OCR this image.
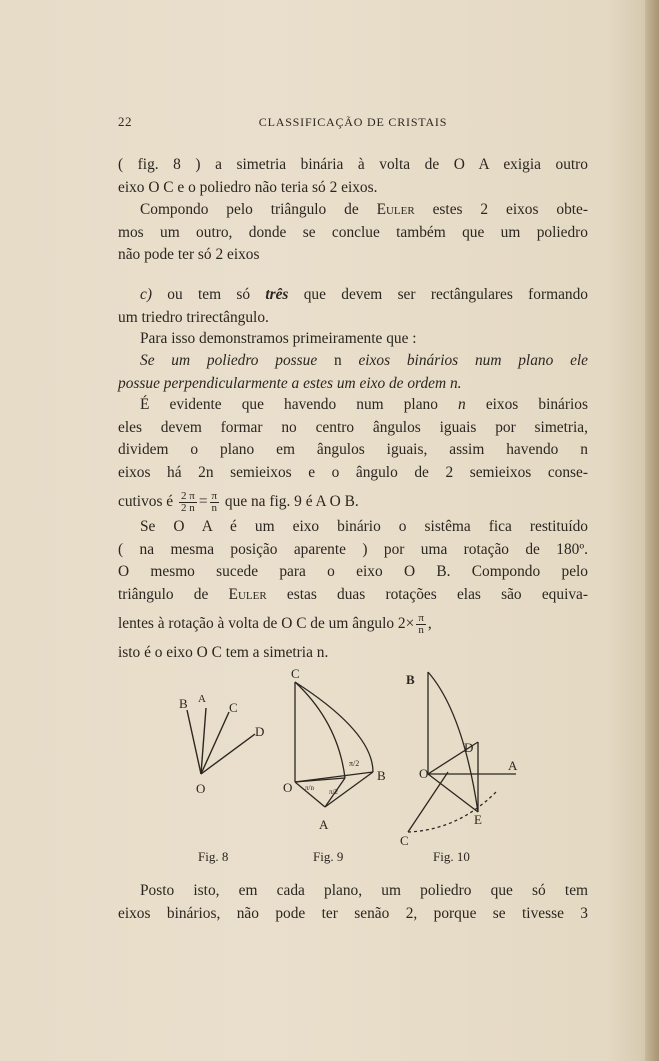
22	CLASSIFICAÇÃO DE CRISTAIS
( fig. 8 ) a simetria binária à volta de O A exigia outro
eixo O C e o poliedro não teria só 2 eixos.
Compondo pelo triângulo de Euler estes 2 eixos obte-
mos um outro, donde se conclue também que um poliedro
não pode ter só 2 eixos
c) ou tem só três que devem ser rectângulares formando
um triedro trirectângulo.
Para isso demonstramos primeiramente que :
Se um poliedro possue n eixos binários num plano ele
possue perpendicularmente a estes um eixo de ordem n.
É evidente que havendo num plano n eixos binários
eles devem formar no centro ângulos iguais por simetria,
dividem o plano em ângulos iguais, assim havendo n
eixos há 2n semieixos e o ângulo de 2 semieixos conse-
cutivos é $\frac{2 \pi}{2 n} = \frac{\pi}{n}$ que na fig. 9 é A O B.
Se O A é um eixo binário o sistêma fica restituído
( na mesma posição aparente ) por uma rotação de 180º.
O mesmo sucede para o eixo O B. Compondo pelo
triângulo de Euler estas duas rotações elas são equiva-
lentes à rotação à volta de O C de um ângulo $2\times \frac{\pi}{n}$ ,
isto é o eixo O C tem a simetria n.
B A
C
D
O
Fig. 8
C
B
A
O
π/2
π/n π/2
Fig. 9
B
D
O
A
E
C
Fig. 10
Posto isto, em cada plano, um poliedro que só tem
eixos binários, não pode ter senão 2, porque se tivesse 3
